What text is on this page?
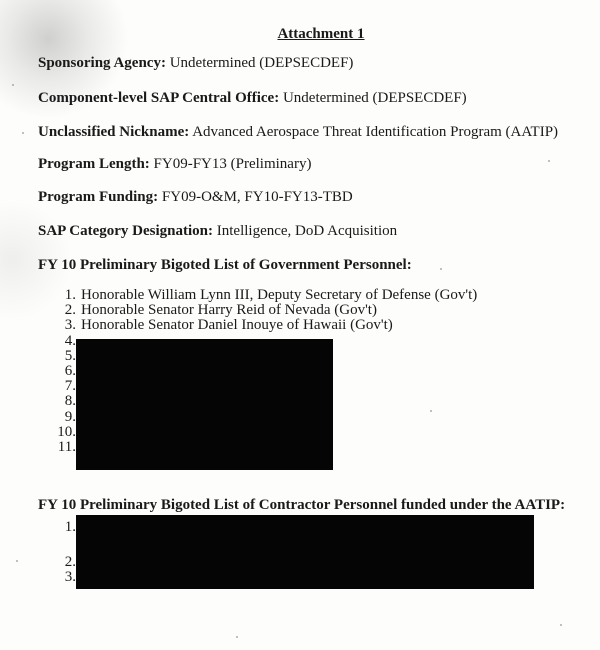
Attachment 1
Sponsoring Agency: Undetermined (DEPSECDEF)
Component-level SAP Central Office: Undetermined (DEPSECDEF)
Unclassified Nickname: Advanced Aerospace Threat Identification Program (AATIP)
Program Length: FY09-FY13 (Preliminary)
Program Funding: FY09-O&M, FY10-FY13-TBD
SAP Category Designation: Intelligence, DoD Acquisition
FY 10 Preliminary Bigoted List of Government Personnel:
1. Honorable William Lynn III, Deputy Secretary of Defense (Gov't)
2. Honorable Senator Harry Reid of Nevada (Gov't)
3. Honorable Senator Daniel Inouye of Hawaii (Gov't)
4.
5.
6.
7.
8.
9.
10.
11.
FY 10 Preliminary Bigoted List of Contractor Personnel funded under the AATIP:
1.
2.
3.
